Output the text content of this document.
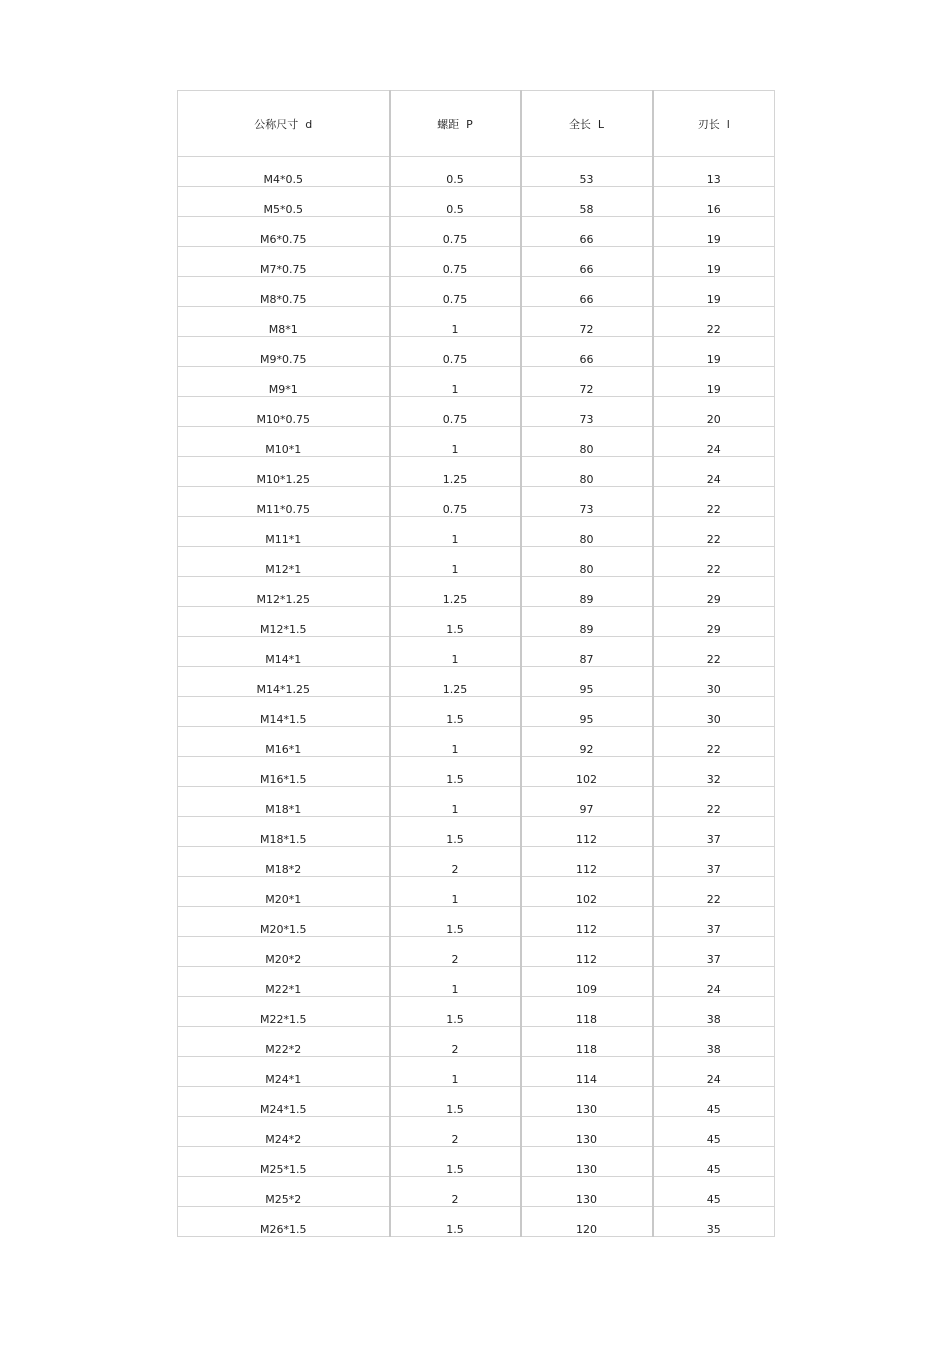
公称尺寸  d	螺距  P	全长  L	刃长  l
M4*0.5	0.5	53	13
M5*0.5	0.5	58	16
M6*0.75	0.75	66	19
M7*0.75	0.75	66	19
M8*0.75	0.75	66	19
M8*1	1	72	22
M9*0.75	0.75	66	19
M9*1	1	72	19
M10*0.75	0.75	73	20
M10*1	1	80	24
M10*1.25	1.25	80	24
M11*0.75	0.75	73	22
M11*1	1	80	22
M12*1	1	80	22
M12*1.25	1.25	89	29
M12*1.5	1.5	89	29
M14*1	1	87	22
M14*1.25	1.25	95	30
M14*1.5	1.5	95	30
M16*1	1	92	22
M16*1.5	1.5	102	32
M18*1	1	97	22
M18*1.5	1.5	112	37
M18*2	2	112	37
M20*1	1	102	22
M20*1.5	1.5	112	37
M20*2	2	112	37
M22*1	1	109	24
M22*1.5	1.5	118	38
M22*2	2	118	38
M24*1	1	114	24
M24*1.5	1.5	130	45
M24*2	2	130	45
M25*1.5	1.5	130	45
M25*2	2	130	45
M26*1.5	1.5	120	35
